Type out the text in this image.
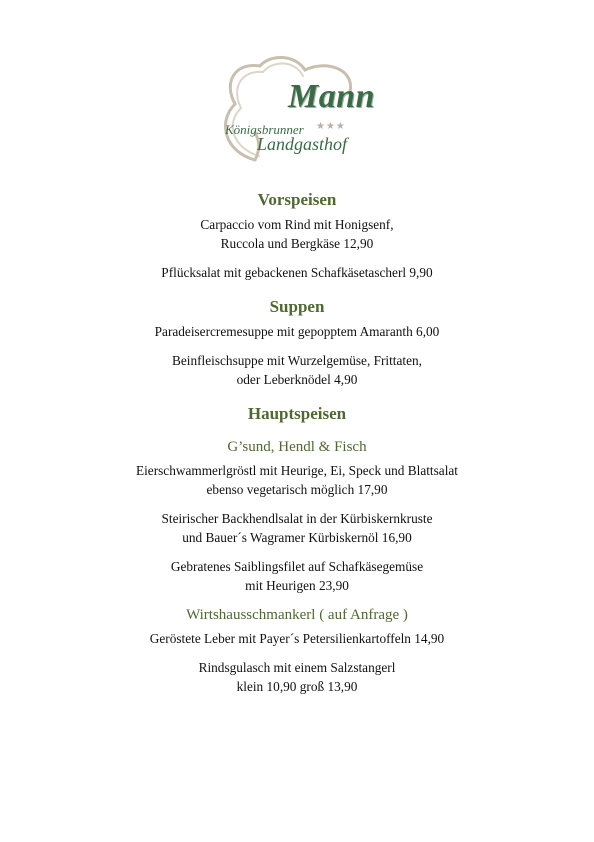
Mann
Königsbrunner ★★★
Landgasthof
Vorspeisen

Carpaccio vom Rind mit Honigsenf,

Ruccola und Bergkäse 12,90

Pflücksalat mit gebackenen Schafkäsetascherl 9,90

Suppen

Paradeisercremesuppe mit gepopptem Amaranth 6,00

Beinfleischsuppe mit Wurzelgemüse, Frittaten,

oder Leberknödel 4,90

Hauptspeisen
G’sund, Hendl & Fisch

Eierschwammerlgröstl mit Heurige, Ei, Speck und Blattsalat

ebenso vegetarisch möglich 17,90

Steirischer Backhendlsalat in der Kürbiskernkruste

und Bauer´s Wagramer Kürbiskernöl 16,90

Gebratenes Saiblingsfilet auf Schafkäsegemüse

mit Heurigen 23,90

Wirtshausschmankerl ( auf Anfrage )

Geröstete Leber mit Payer´s Petersilienkartoffeln 14,90

Rindsgulasch mit einem Salzstangerl

klein 10,90 groß 13,90
